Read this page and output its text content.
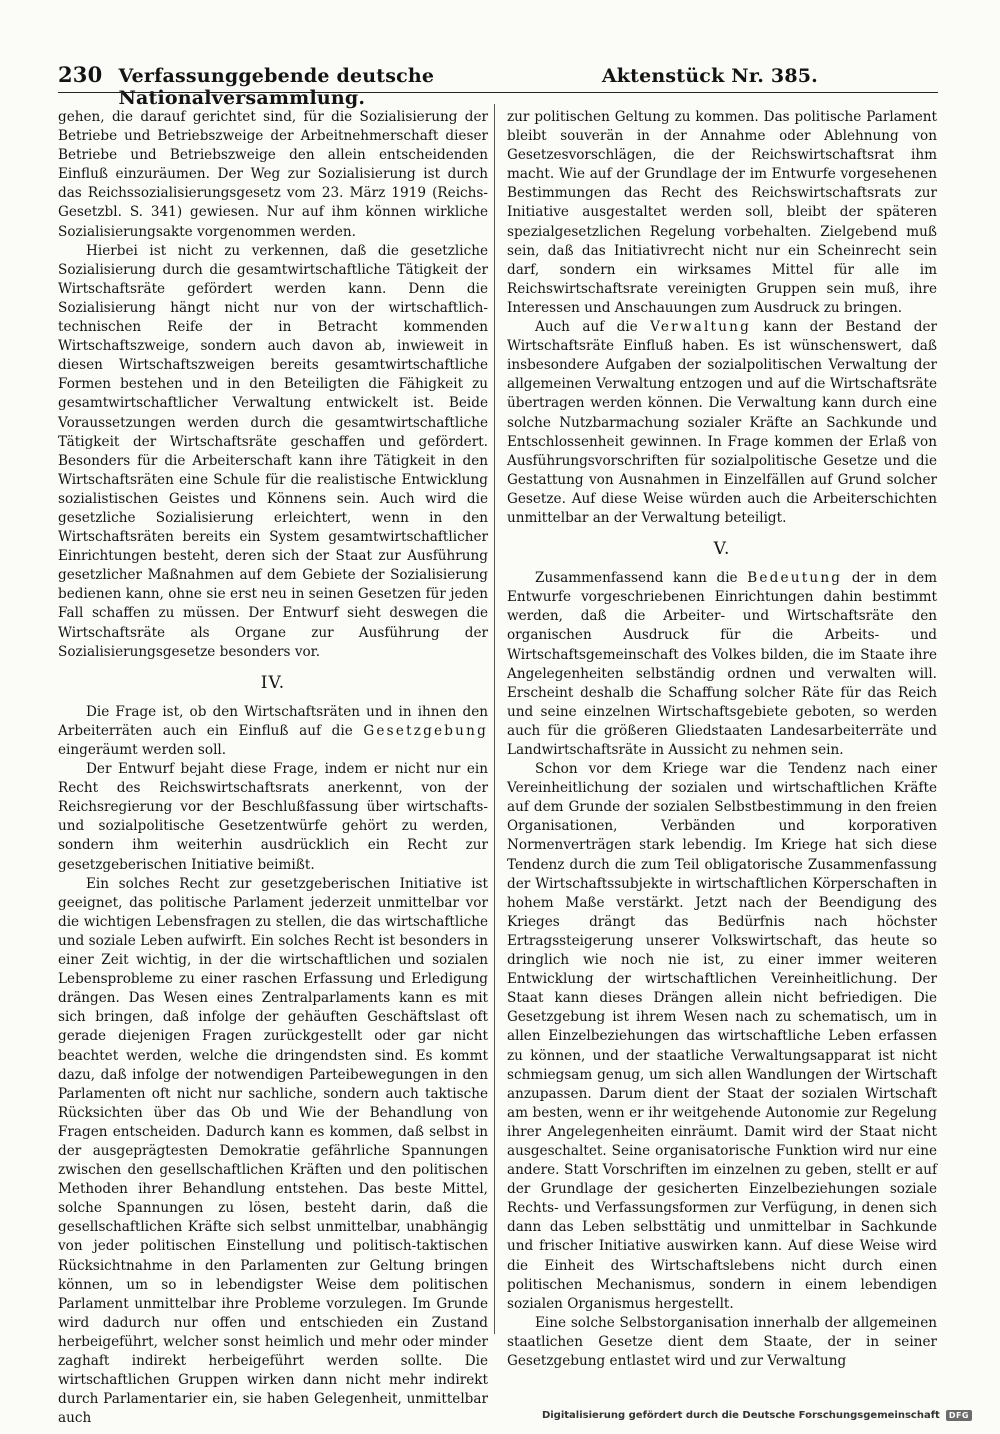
230 Verfassunggebende deutsche Nationalversammlung.
Aktenstück Nr. 385.

gehen, die darauf gerichtet sind, für die Sozialisierung der Betriebe und Betriebszweige der Arbeitnehmerschaft dieser Betriebe und Betriebszweige den allein entscheidenden Einfluß einzuräumen. Der Weg zur Sozialisierung ist durch das Reichssozialisierungsgesetz vom 23. März 1919 (Reichs-Gesetzbl. S. 341) gewiesen. Nur auf ihm können wirkliche Sozialisierungsakte vorgenommen werden.

Hierbei ist nicht zu verkennen, daß die gesetzliche Sozialisierung durch die gesamtwirtschaftliche Tätigkeit der Wirtschaftsräte gefördert werden kann. Denn die Sozialisierung hängt nicht nur von der wirtschaftlich-technischen Reife der in Betracht kommenden Wirtschaftszweige, sondern auch davon ab, inwieweit in diesen Wirtschaftszweigen bereits gesamtwirtschaftliche Formen bestehen und in den Beteiligten die Fähigkeit zu gesamtwirtschaftlicher Verwaltung entwickelt ist. Beide Voraussetzungen werden durch die gesamtwirtschaftliche Tätigkeit der Wirtschaftsräte geschaffen und gefördert. Besonders für die Arbeiterschaft kann ihre Tätigkeit in den Wirtschaftsräten eine Schule für die realistische Entwicklung sozialistischen Geistes und Könnens sein. Auch wird die gesetzliche Sozialisierung erleichtert, wenn in den Wirtschaftsräten bereits ein System gesamtwirtschaftlicher Einrichtungen besteht, deren sich der Staat zur Ausführung gesetzlicher Maßnahmen auf dem Gebiete der Sozialisierung bedienen kann, ohne sie erst neu in seinen Gesetzen für jeden Fall schaffen zu müssen. Der Entwurf sieht deswegen die Wirtschaftsräte als Organe zur Ausführung der Sozialisierungsgesetze besonders vor.

IV.

Die Frage ist, ob den Wirtschaftsräten und in ihnen den Arbeiterräten auch ein Einfluß auf die Gesetzgebung eingeräumt werden soll.

Der Entwurf bejaht diese Frage, indem er nicht nur ein Recht des Reichswirtschaftsrats anerkennt, von der Reichsregierung vor der Beschlußfassung über wirtschafts- und sozialpolitische Gesetzentwürfe gehört zu werden, sondern ihm weiterhin ausdrücklich ein Recht zur gesetzgeberischen Initiative beimißt.

Ein solches Recht zur gesetzgeberischen Initiative ist geeignet, das politische Parlament jederzeit unmittelbar vor die wichtigen Lebensfragen zu stellen, die das wirtschaftliche und soziale Leben aufwirft. Ein solches Recht ist besonders in einer Zeit wichtig, in der die wirtschaftlichen und sozialen Lebensprobleme zu einer raschen Erfassung und Erledigung drängen. Das Wesen eines Zentralparlaments kann es mit sich bringen, daß infolge der gehäuften Geschäftslast oft gerade diejenigen Fragen zurückgestellt oder gar nicht beachtet werden, welche die dringendsten sind. Es kommt dazu, daß infolge der notwendigen Parteibewegungen in den Parlamenten oft nicht nur sachliche, sondern auch taktische Rücksichten über das Ob und Wie der Behandlung von Fragen entscheiden. Dadurch kann es kommen, daß selbst in der ausgeprägtesten Demokratie gefährliche Spannungen zwischen den gesellschaftlichen Kräften und den politischen Methoden ihrer Behandlung entstehen. Das beste Mittel, solche Spannungen zu lösen, besteht darin, daß die gesellschaftlichen Kräfte sich selbst unmittelbar, unabhängig von jeder politischen Einstellung und politisch-taktischen Rücksichtnahme in den Parlamenten zur Geltung bringen können, um so in lebendigster Weise dem politischen Parlament unmittelbar ihre Probleme vorzulegen. Im Grunde wird dadurch nur offen und entschieden ein Zustand herbeigeführt, welcher sonst heimlich und mehr oder minder zaghaft indirekt herbeigeführt werden sollte. Die wirtschaftlichen Gruppen wirken dann nicht mehr indirekt durch Parlamentarier ein, sie haben Gelegenheit, unmittelbar auch

zur politischen Geltung zu kommen. Das politische Parlament bleibt souverän in der Annahme oder Ablehnung von Gesetzesvorschlägen, die der Reichswirtschaftsrat ihm macht. Wie auf der Grundlage der im Entwurfe vorgesehenen Bestimmungen das Recht des Reichswirtschaftsrats zur Initiative ausgestaltet werden soll, bleibt der späteren spezialgesetzlichen Regelung vorbehalten. Zielgebend muß sein, daß das Initiativrecht nicht nur ein Scheinrecht sein darf, sondern ein wirksames Mittel für alle im Reichswirtschaftsrate vereinigten Gruppen sein muß, ihre Interessen und Anschauungen zum Ausdruck zu bringen.

Auch auf die Verwaltung kann der Bestand der Wirtschaftsräte Einfluß haben. Es ist wünschenswert, daß insbesondere Aufgaben der sozialpolitischen Verwaltung der allgemeinen Verwaltung entzogen und auf die Wirtschaftsräte übertragen werden können. Die Verwaltung kann durch eine solche Nutzbarmachung sozialer Kräfte an Sachkunde und Entschlossenheit gewinnen. In Frage kommen der Erlaß von Ausführungsvorschriften für sozialpolitische Gesetze und die Gestattung von Ausnahmen in Einzelfällen auf Grund solcher Gesetze. Auf diese Weise würden auch die Arbeiterschichten unmittelbar an der Verwaltung beteiligt.

V.

Zusammenfassend kann die Bedeutung der in dem Entwurfe vorgeschriebenen Einrichtungen dahin bestimmt werden, daß die Arbeiter- und Wirtschaftsräte den organischen Ausdruck für die Arbeits- und Wirtschaftsgemeinschaft des Volkes bilden, die im Staate ihre Angelegenheiten selbständig ordnen und verwalten will. Erscheint deshalb die Schaffung solcher Räte für das Reich und seine einzelnen Wirtschaftsgebiete geboten, so werden auch für die größeren Gliedstaaten Landesarbeiterräte und Landwirtschaftsräte in Aussicht zu nehmen sein.

Schon vor dem Kriege war die Tendenz nach einer Vereinheitlichung der sozialen und wirtschaftlichen Kräfte auf dem Grunde der sozialen Selbstbestimmung in den freien Organisationen, Verbänden und korporativen Normenverträgen stark lebendig. Im Kriege hat sich diese Tendenz durch die zum Teil obligatorische Zusammenfassung der Wirtschaftssubjekte in wirtschaftlichen Körperschaften in hohem Maße verstärkt. Jetzt nach der Beendigung des Krieges drängt das Bedürfnis nach höchster Ertragssteigerung unserer Volkswirtschaft, das heute so dringlich wie noch nie ist, zu einer immer weiteren Entwicklung der wirtschaftlichen Vereinheitlichung. Der Staat kann dieses Drängen allein nicht befriedigen. Die Gesetzgebung ist ihrem Wesen nach zu schematisch, um in allen Einzelbeziehungen das wirtschaftliche Leben erfassen zu können, und der staatliche Verwaltungsapparat ist nicht schmiegsam genug, um sich allen Wandlungen der Wirtschaft anzupassen. Darum dient der Staat der sozialen Wirtschaft am besten, wenn er ihr weitgehende Autonomie zur Regelung ihrer Angelegenheiten einräumt. Damit wird der Staat nicht ausgeschaltet. Seine organisatorische Funktion wird nur eine andere. Statt Vorschriften im einzelnen zu geben, stellt er auf der Grundlage der gesicherten Einzelbeziehungen soziale Rechts- und Verfassungsformen zur Verfügung, in denen sich dann das Leben selbsttätig und unmittelbar in Sachkunde und frischer Initiative auswirken kann. Auf diese Weise wird die Einheit des Wirtschaftslebens nicht durch einen politischen Mechanismus, sondern in einem lebendigen sozialen Organismus hergestellt.

Eine solche Selbstorganisation innerhalb der allgemeinen staatlichen Gesetze dient dem Staate, der in seiner Gesetzgebung entlastet wird und zur Verwaltung

Digitalisierung gefördert durch die Deutsche Forschungsgemeinschaft	DFG
